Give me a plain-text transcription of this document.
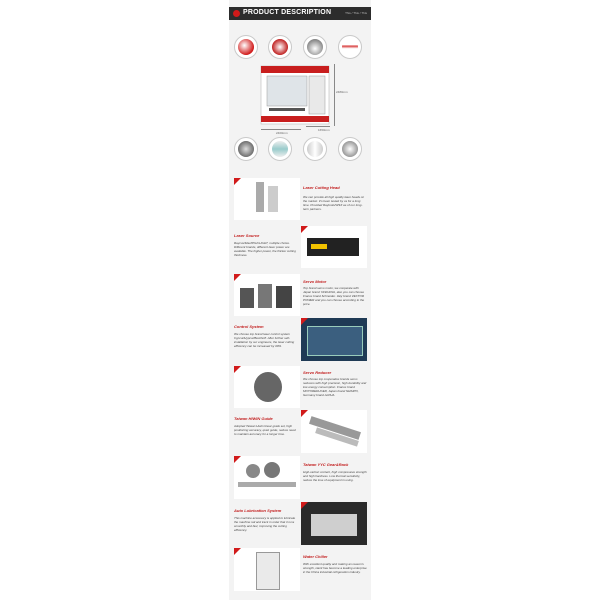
PRODUCT DESCRIPTION	This / This / This
2480mm
2400mm
1650mm
Laser Cutting Head
We can provide all high quality laser heads on the market. It's been tested by us for a long time. Provided Raytools/WSX as of our long-term partners.
Laser Source
Raycus/Max/IPG/nLIGHT, multiple choice. Different brands, different laser power are available. The higher power, the thicker cutting thickness.
Servo Motor
Top brand servo motor, we cooperate with Japan brand YASKAWA, also you can choose France brand Schneider. Italy brand VECTOR POWER and you can choose according to the price.
Control System
We choose top brand laser control system Cypcut/Hypcut/Beckhoff. After further self-installation by our engineers, the laser cutting efficiency can be increased by 30%.
Servo Reducer
We choose top cooperative brands servo reducers with high precision, high durability and low energy consumption. France brand MOTOREDUCER, Japan brand SHIMPO, Germany brand ALPHA.
Taiwan HIWIN Guide
Adopted Taiwan Hiwin linear guide set, high positioning accuracy, quiet guide, reduce need to maintain accuracy for a longer time.
Taiwan YYC Gear&Rack
High-carbon content, high compressive strength and high hardness. Low thermal sensitivity, reduce the loss of equipment in using.
Auto Lubrication System
This machine accessory is applied to lubricate the machine rail and track in order that it runs smoothly and fast, improving the cutting efficiency.
Water Chiller
With excellent quality and making an reason's strength, Hanli has become a leading enterprise in the China industrial refrigeration industry.
